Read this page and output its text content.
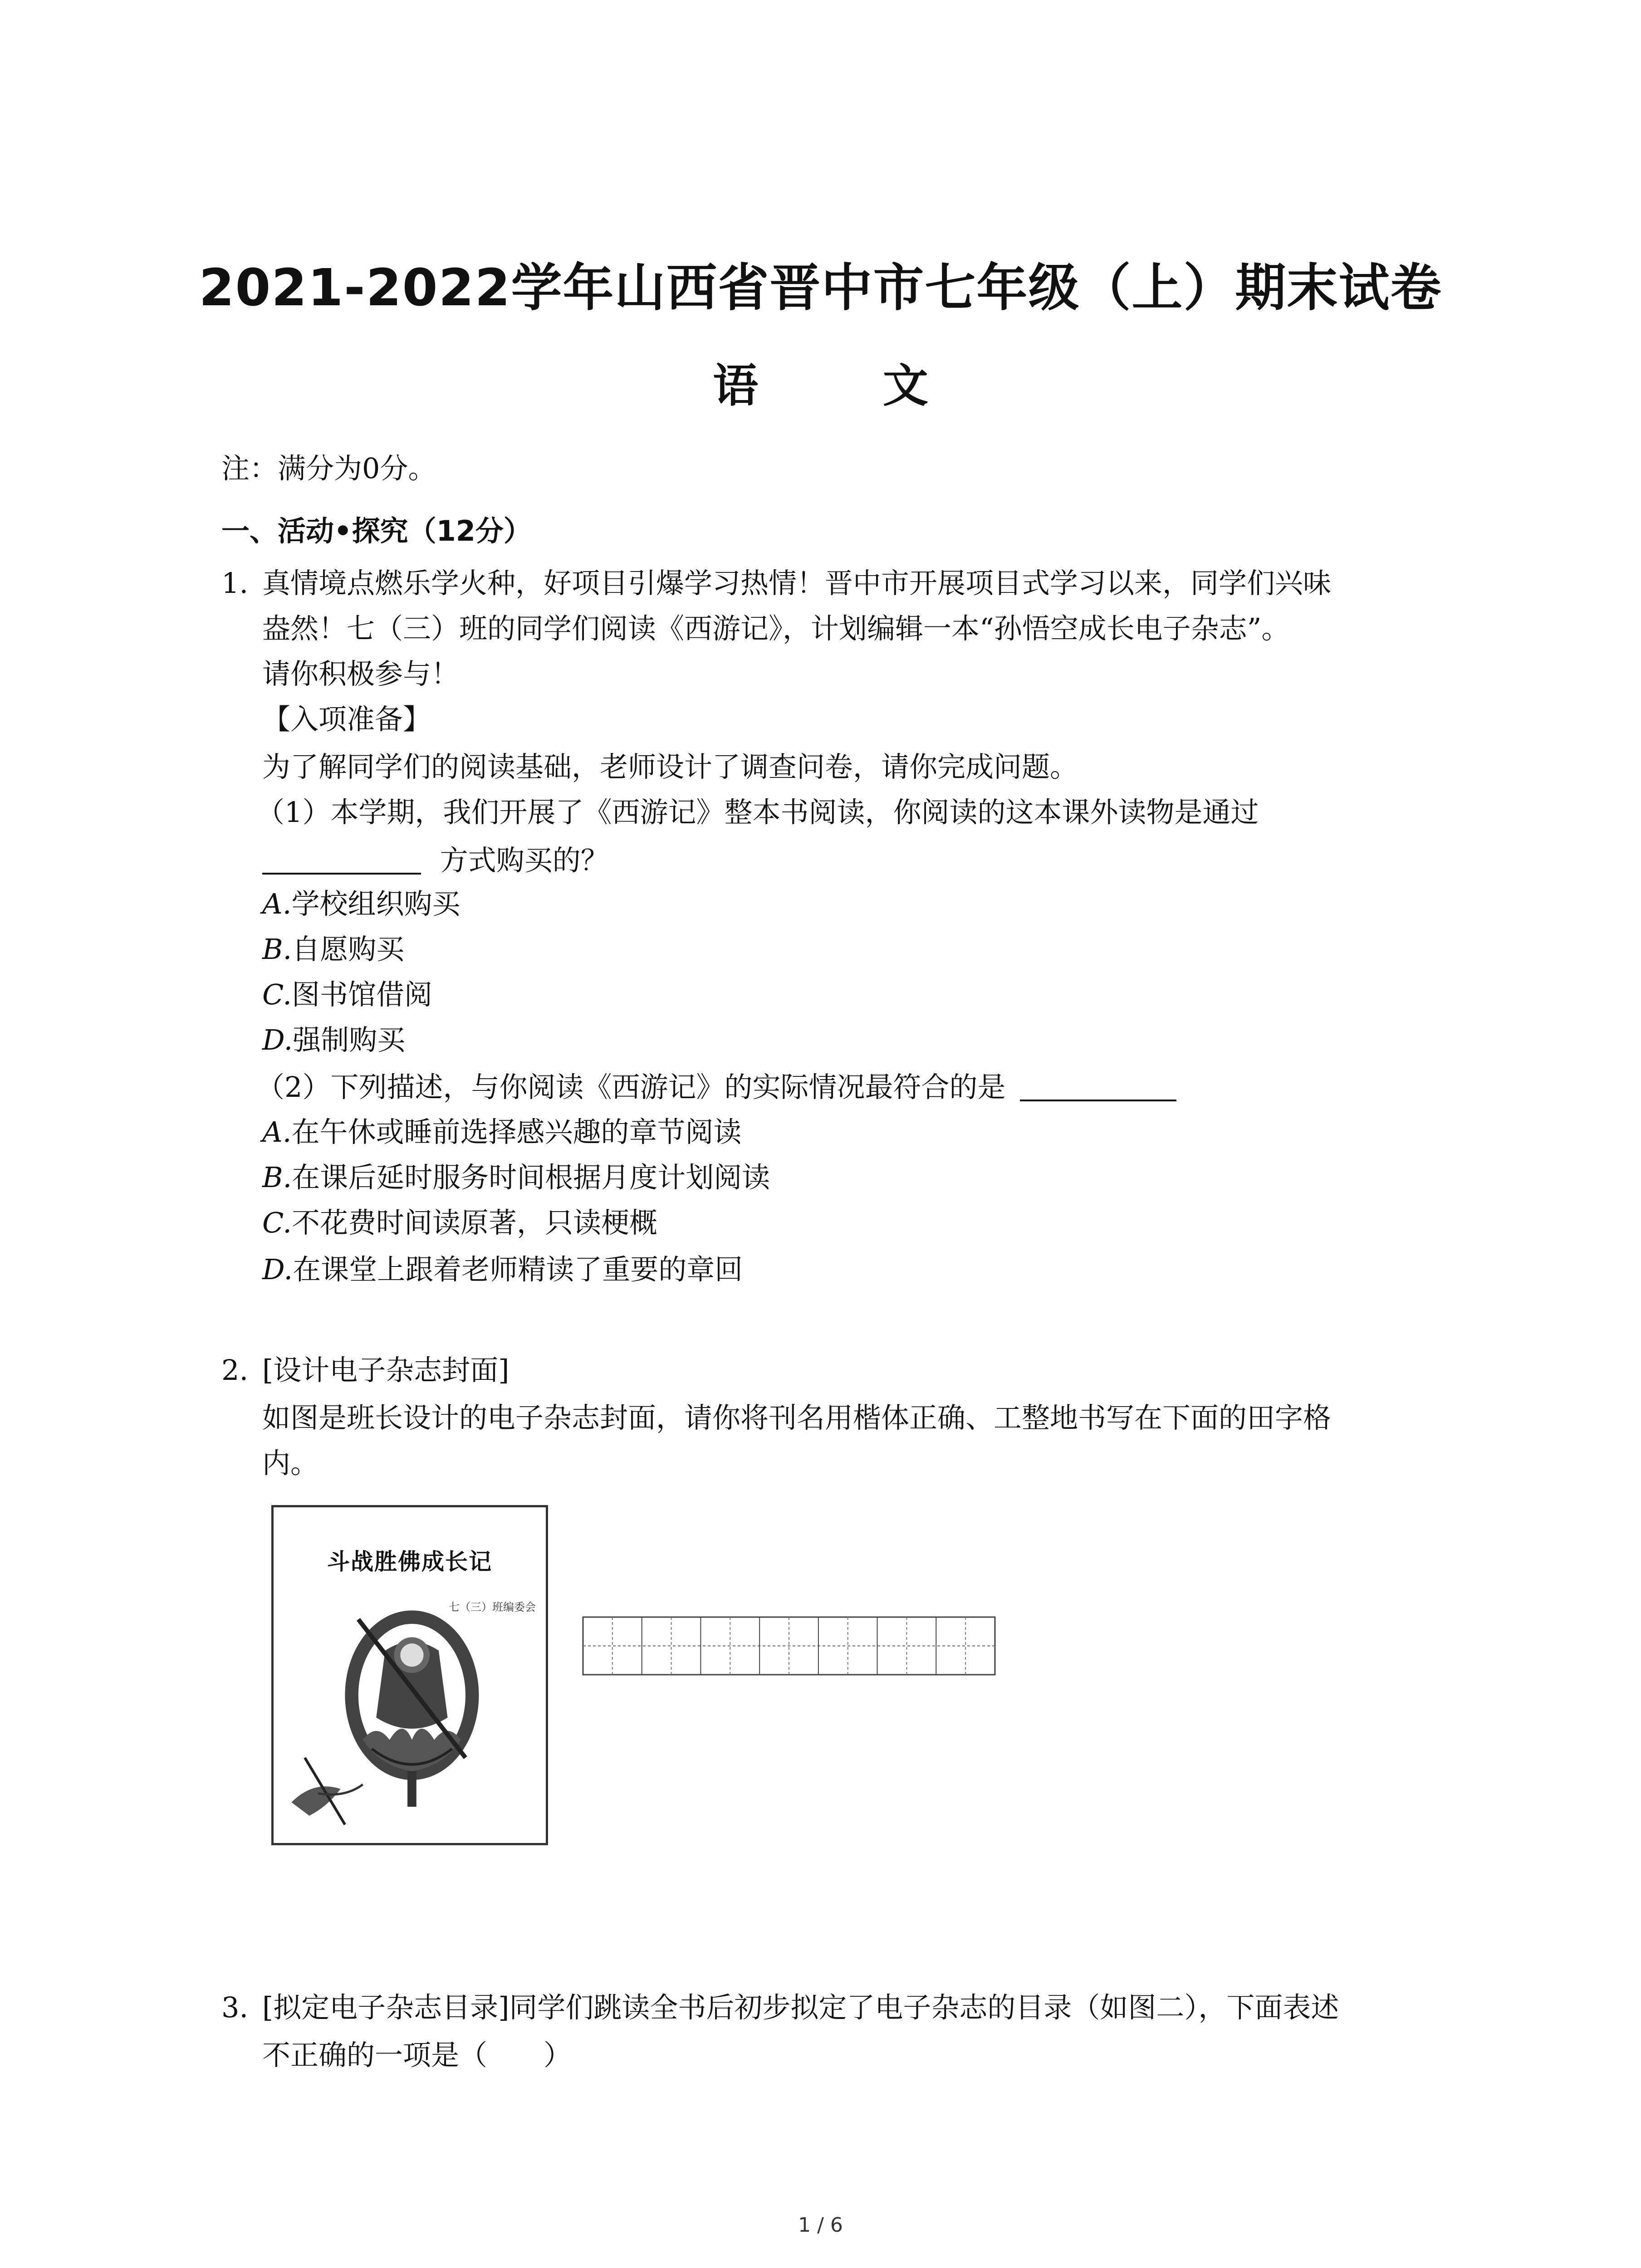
2021-2022学年山西省晋中市七年级（上）期末试卷
语 文
注：满分为0分。
一、活动•探究（12分）
1. 真情境点燃乐学火种，好项目引爆学习热情！晋中市开展项目式学习以来，同学们兴味
盎然！七（三）班的同学们阅读《西游记》，计划编辑一本“孙悟空成长电子杂志”。
请你积极参与！
【入项准备】
为了解同学们的阅读基础，老师设计了调查问卷，请你完成问题。
（1）本学期，我们开展了《西游记》整本书阅读，你阅读的这本课外读物是通过
方式购买的？
A.学校组织购买
B.自愿购买
C.图书馆借阅
D.强制购买
（2）下列描述，与你阅读《西游记》的实际情况最符合的是
A.在午休或睡前选择感兴趣的章节阅读
B.在课后延时服务时间根据月度计划阅读
C.不花费时间读原著，只读梗概
D.在课堂上跟着老师精读了重要的章回
2. [设计电子杂志封面]
如图是班长设计的电子杂志封面，请你将刊名用楷体正确、工整地书写在下面的田字格
内。
斗战胜佛成长记
七（三）班编委会
3. [拟定电子杂志目录]同学们跳读全书后初步拟定了电子杂志的目录（如图二），下面表述
不正确的一项是（　　）
1 / 6
